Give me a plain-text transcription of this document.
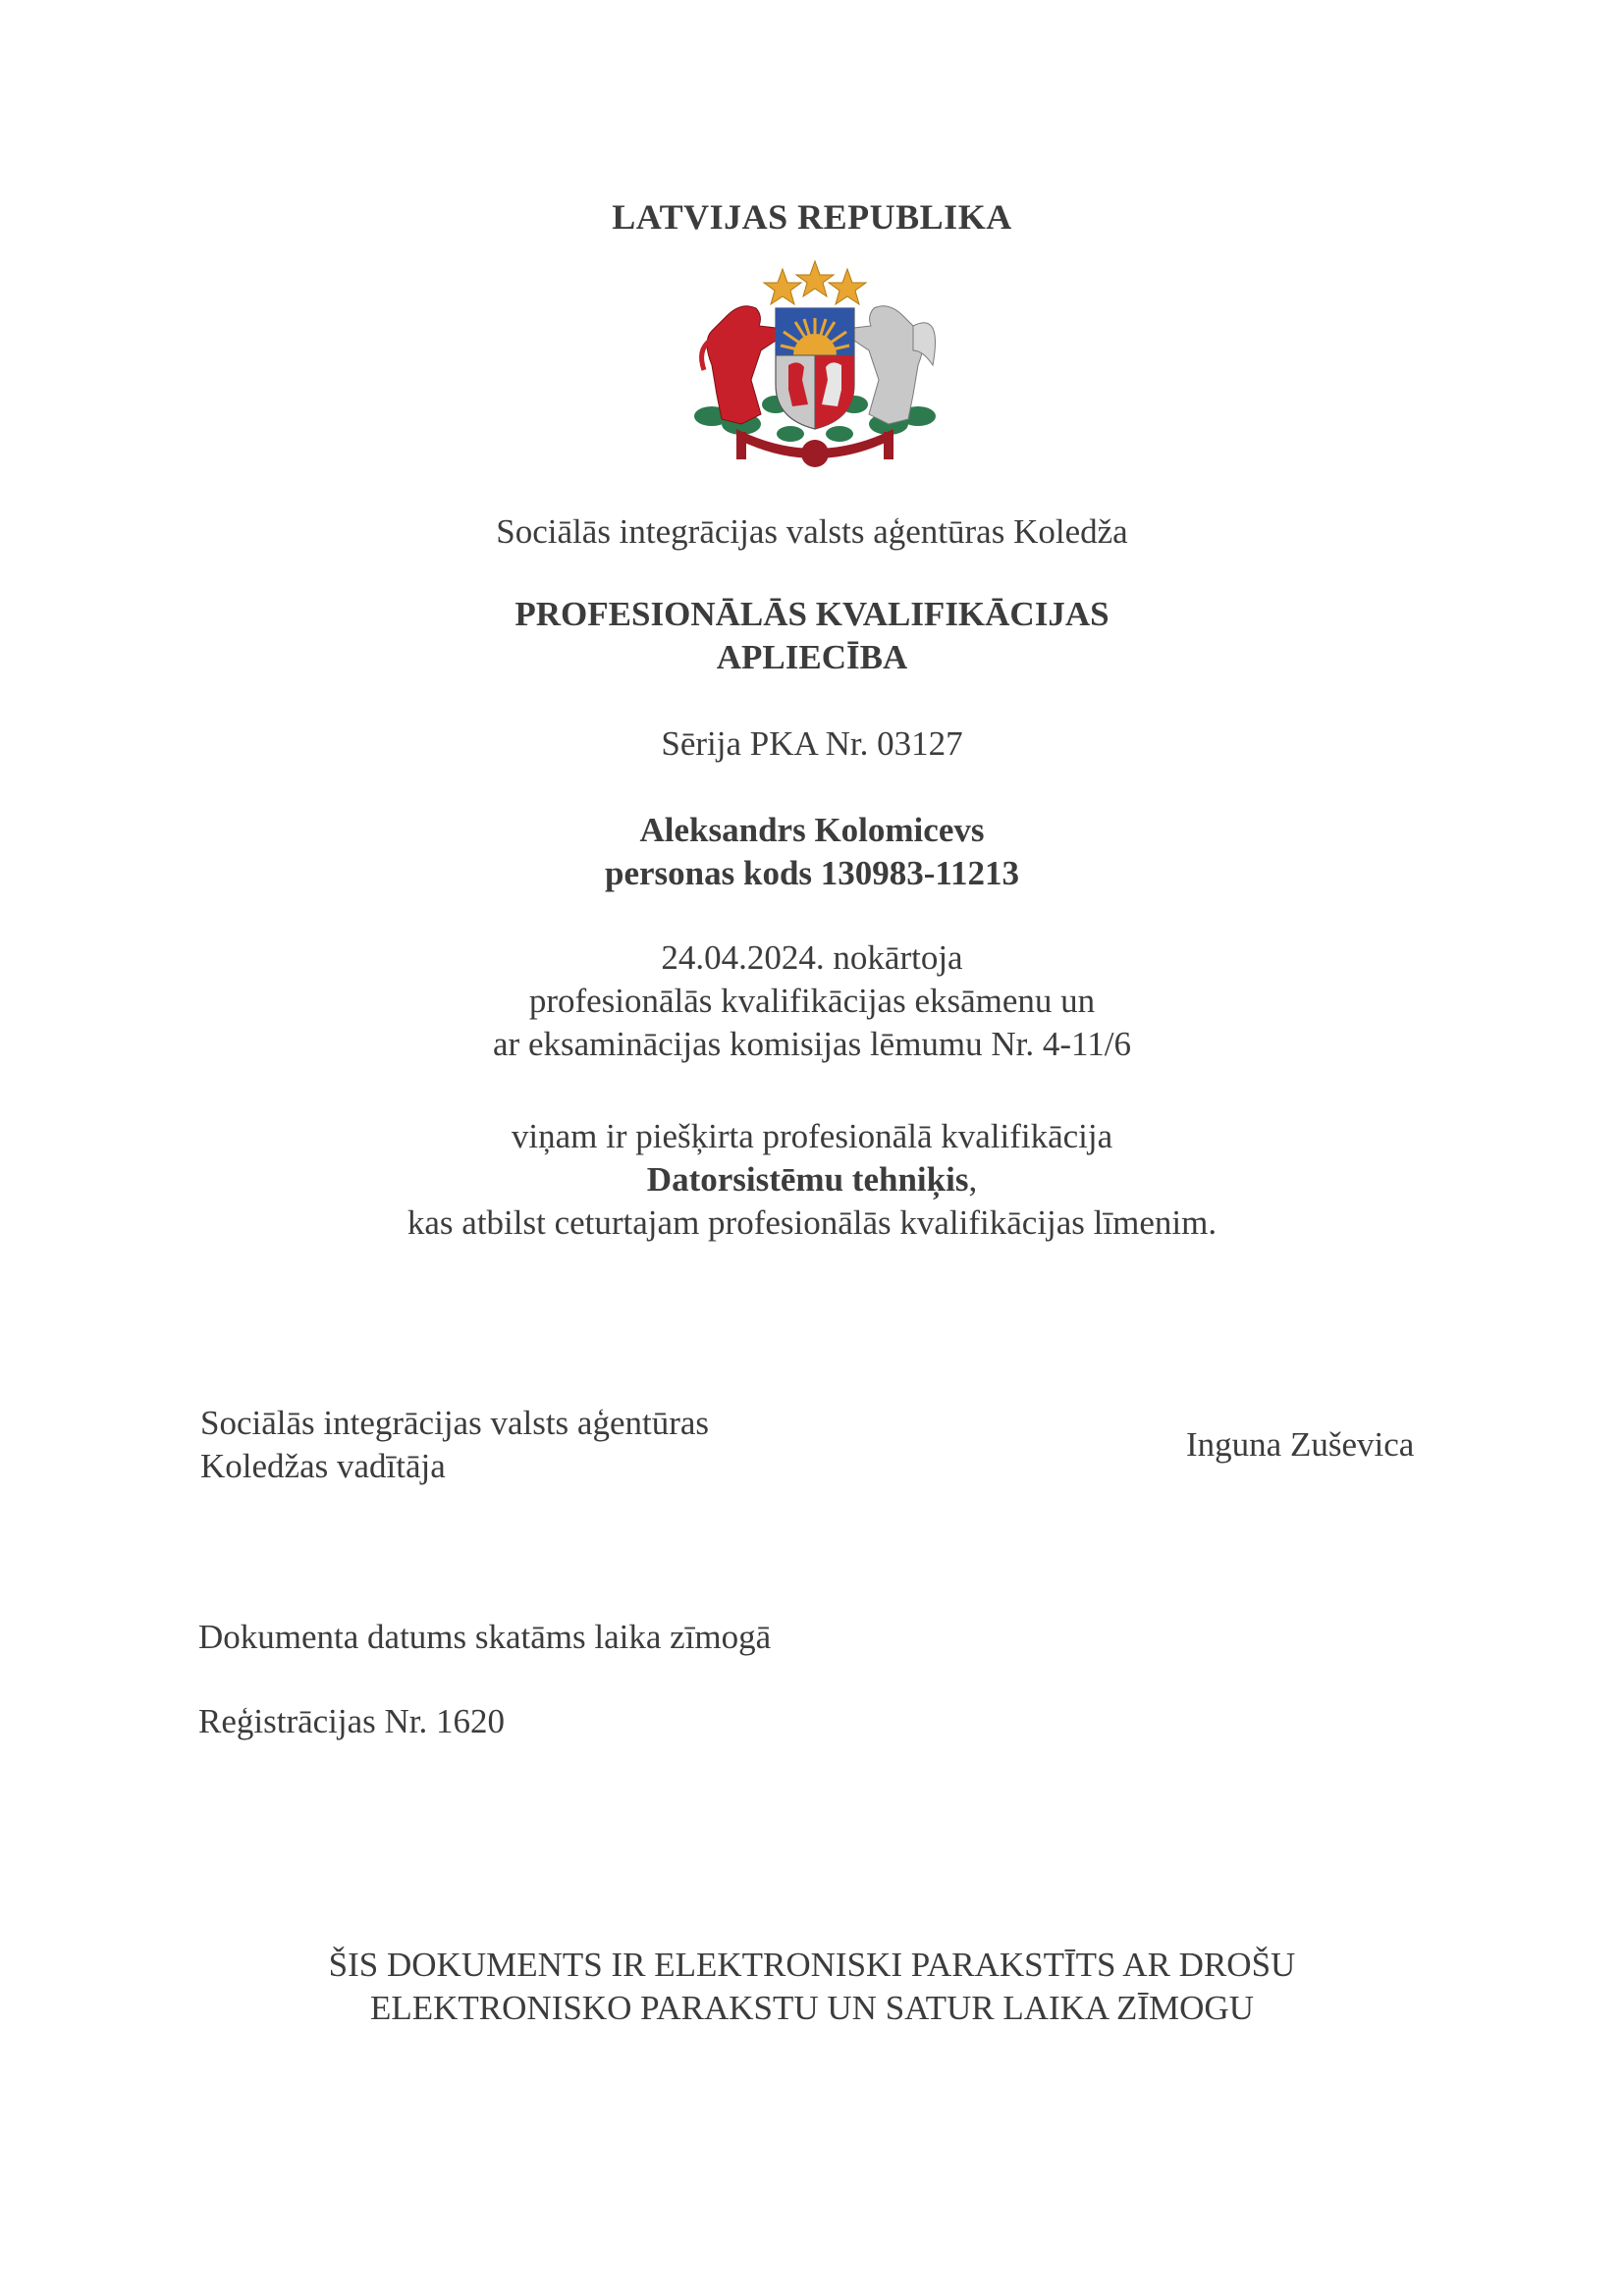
LATVIJAS REPUBLIKA
Sociālās integrācijas valsts aģentūras Koledža
PROFESIONĀLĀS KVALIFIKĀCIJAS
APLIECĪBA
Sērija PKA Nr. 03127
Aleksandrs Kolomicevs
personas kods 130983-11213
24.04.2024. nokārtoja
profesionālās kvalifikācijas eksāmenu un
ar eksaminācijas komisijas lēmumu Nr. 4-11/6
viņam ir piešķirta profesionālā kvalifikācija
Datorsistēmu tehniķis,
kas atbilst ceturtajam profesionālās kvalifikācijas līmenim.
Sociālās integrācijas valsts aģentūras
Koledžas vadītāja
Inguna Zuševica
Dokumenta datums skatāms laika zīmogā
Reģistrācijas Nr. 1620
ŠIS DOKUMENTS IR ELEKTRONISKI PARAKSTĪTS AR DROŠU
ELEKTRONISKO PARAKSTU UN SATUR LAIKA ZĪMOGU
